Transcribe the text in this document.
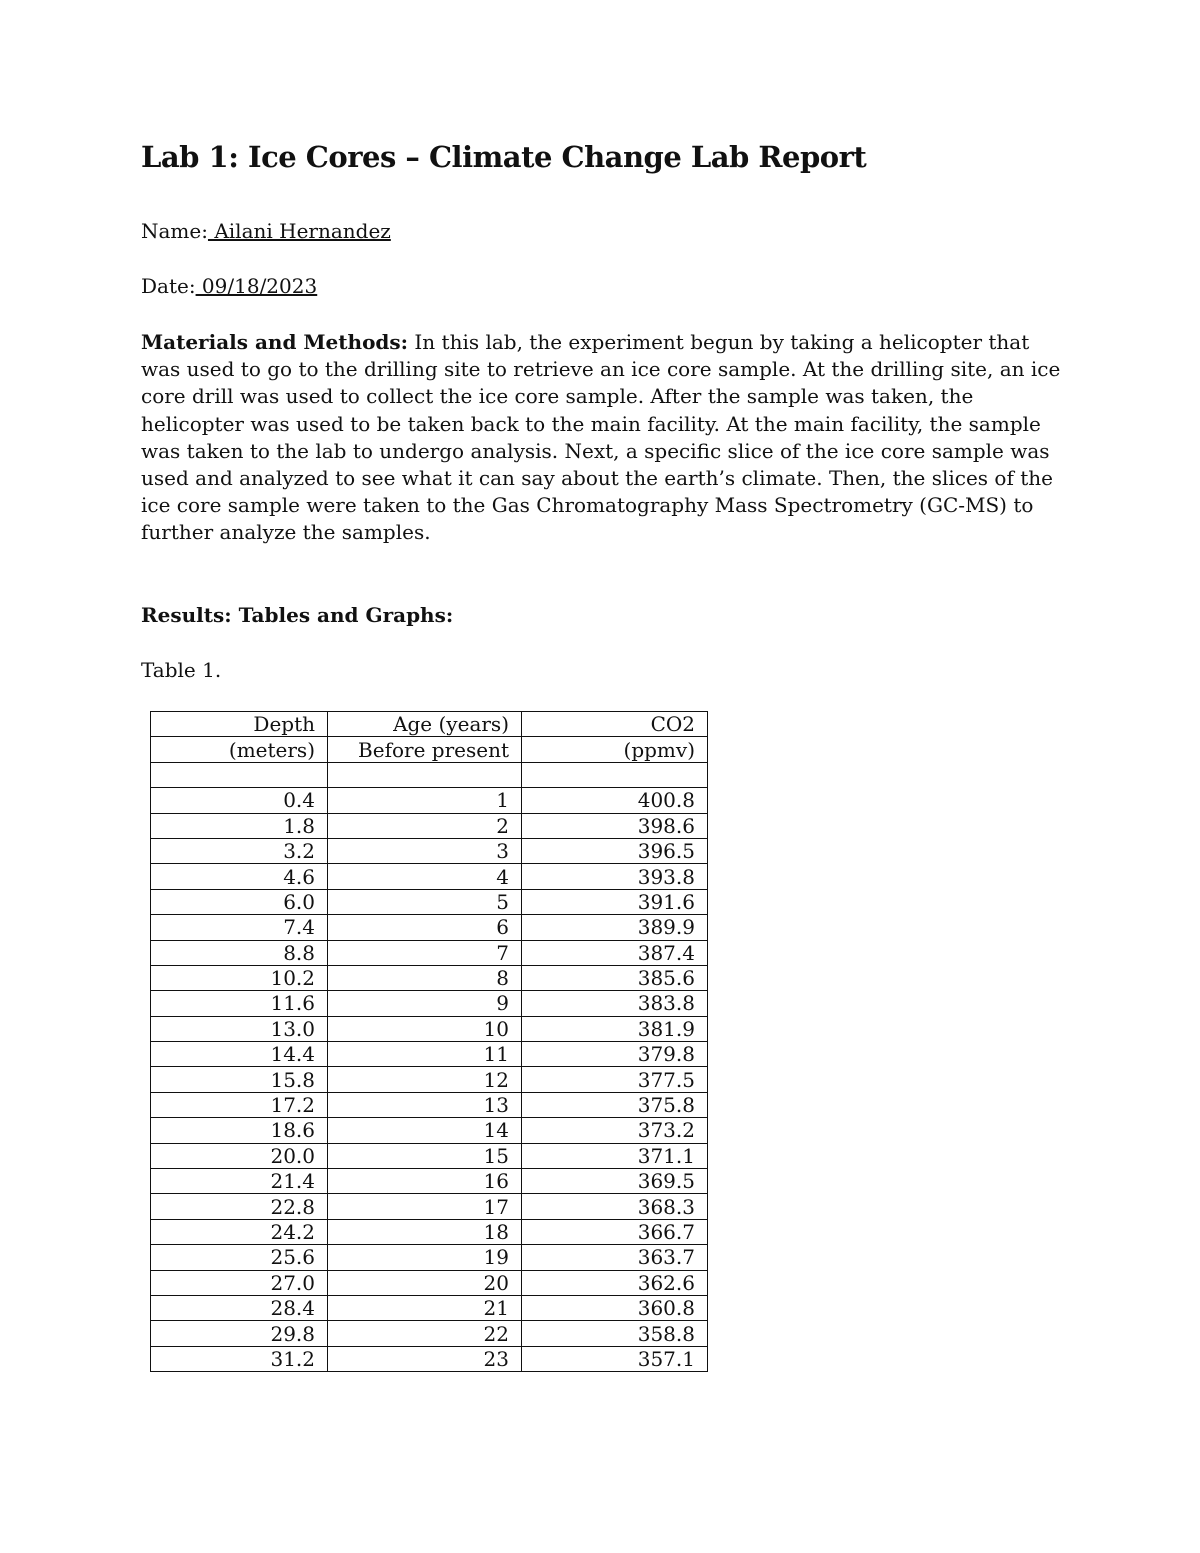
Lab 1: Ice Cores – Climate Change Lab Report
Name: Ailani Hernandez
Date: 09/18/2023
Materials and Methods: In this lab, the experiment begun by taking a helicopter that was used to go to the drilling site to retrieve an ice core sample. At the drilling site, an ice core drill was used to collect the ice core sample. After the sample was taken, the helicopter was used to be taken back to the main facility. At the main facility, the sample was taken to the lab to undergo analysis. Next, a specific slice of the ice core sample was used and analyzed to see what it can say about the earth’s climate. Then, the slices of the ice core sample were taken to the Gas Chromatography Mass Spectrometry (GC-MS) to further analyze the samples.
Results: Tables and Graphs:
Table 1.
Depth	Age (years)	CO2
(meters)	Before present	(ppmv)

0.4	1	400.8
1.8	2	398.6
3.2	3	396.5
4.6	4	393.8
6.0	5	391.6
7.4	6	389.9
8.8	7	387.4
10.2	8	385.6
11.6	9	383.8
13.0	10	381.9
14.4	11	379.8
15.8	12	377.5
17.2	13	375.8
18.6	14	373.2
20.0	15	371.1
21.4	16	369.5
22.8	17	368.3
24.2	18	366.7
25.6	19	363.7
27.0	20	362.6
28.4	21	360.8
29.8	22	358.8
31.2	23	357.1
